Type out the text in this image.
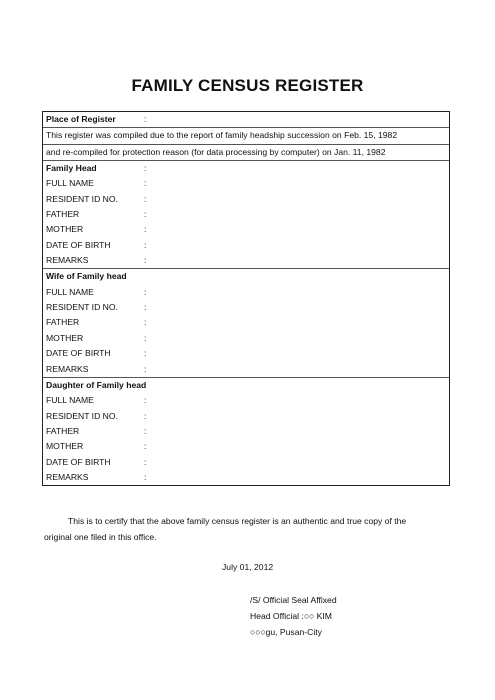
FAMILY CENSUS REGISTER
Place of Register	:
This register was compiled due to the report of family headship succession on Feb. 15, 1982
and re-compiled for protection reason (for data processing by computer) on Jan. 11, 1982
Family Head	:
FULL NAME	:
RESIDENT ID NO.	:
FATHER	:
MOTHER	:
DATE OF BIRTH	:
REMARKS	:
Wife of Family head
FULL NAME	:
RESIDENT ID NO.	:
FATHER	:
MOTHER	:
DATE OF BIRTH	:
REMARKS	:
Daughter of Family head
FULL NAME	:
RESIDENT ID NO.	:
FATHER	:
MOTHER	:
DATE OF BIRTH	:
REMARKS	:
This is to certify that the above family census register is an authentic and true copy of the
original one filed in this office.
July 01, 2012
/S/ Official Seal Affixed
Head Official :○○ KIM
○○○gu, Pusan-City
